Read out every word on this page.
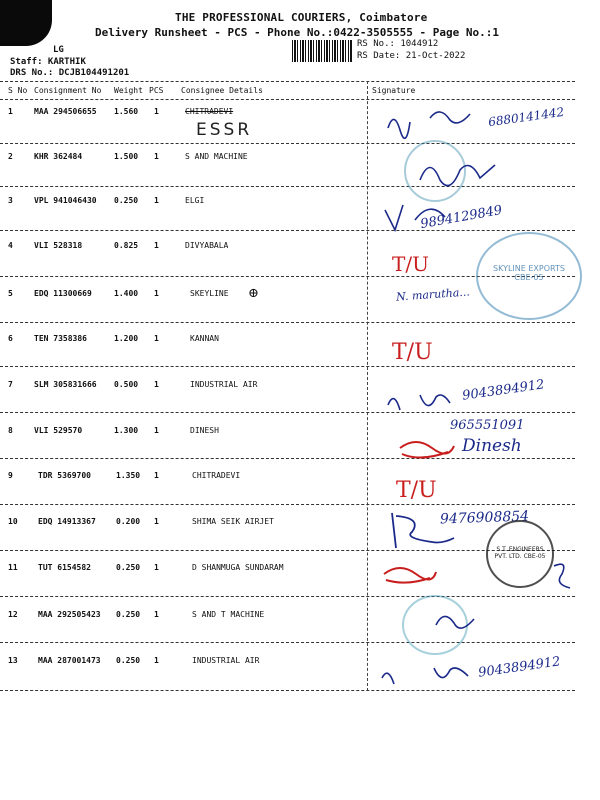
THE PROFESSIONAL COURIERS, Coimbatore
Delivery Runsheet - PCS - Phone No.:0422-3505555 - Page No.:1
RS No.: 1044912
RS Date: 21-Oct-2022
LG
Staff: KARTHIK
DRS No.: DCJB104491201
S No Consignment No Weight PCS Consignee Details	Signature
1	MAA 294506655 1.560 1	CHITRADEVI
2	KHR 362484	1.500 1	S AND MACHINE
3	VPL 941046430 0.250 1	ELGI
4	VLI 528318	0.825 1	DIVYABALA
5	EDQ 11300669	1.400 1	SKEYLINE
6	TEN 7358386	1.200 1	KANNAN
7	SLM 305831666 0.500 1	INDUSTRIAL AIR
8	VLI 529570	1.300 1	DINESH
9	TDR 5369700	1.350 1	CHITRADEVI
10	EDQ 14913367	0.200 1	SHIMA SEIK AIRJET
11	TUT 6154582	0.250 1	D SHANMUGA SUNDARAM
12	MAA 292505423 0.250 1	S AND T MACHINE
13	MAA 287001473 0.250 1	INDUSTRIAL AIR
ESSR
6880141442
9894129849
T/U	SKYLINE EXPORTS CBE-05
N. marutha...
⊕
T/U
9043894912
965551091
Dinesh
T/U
9476908854
S.T. ENGINEERS PVT. LTD. CBE-05
9043894912
